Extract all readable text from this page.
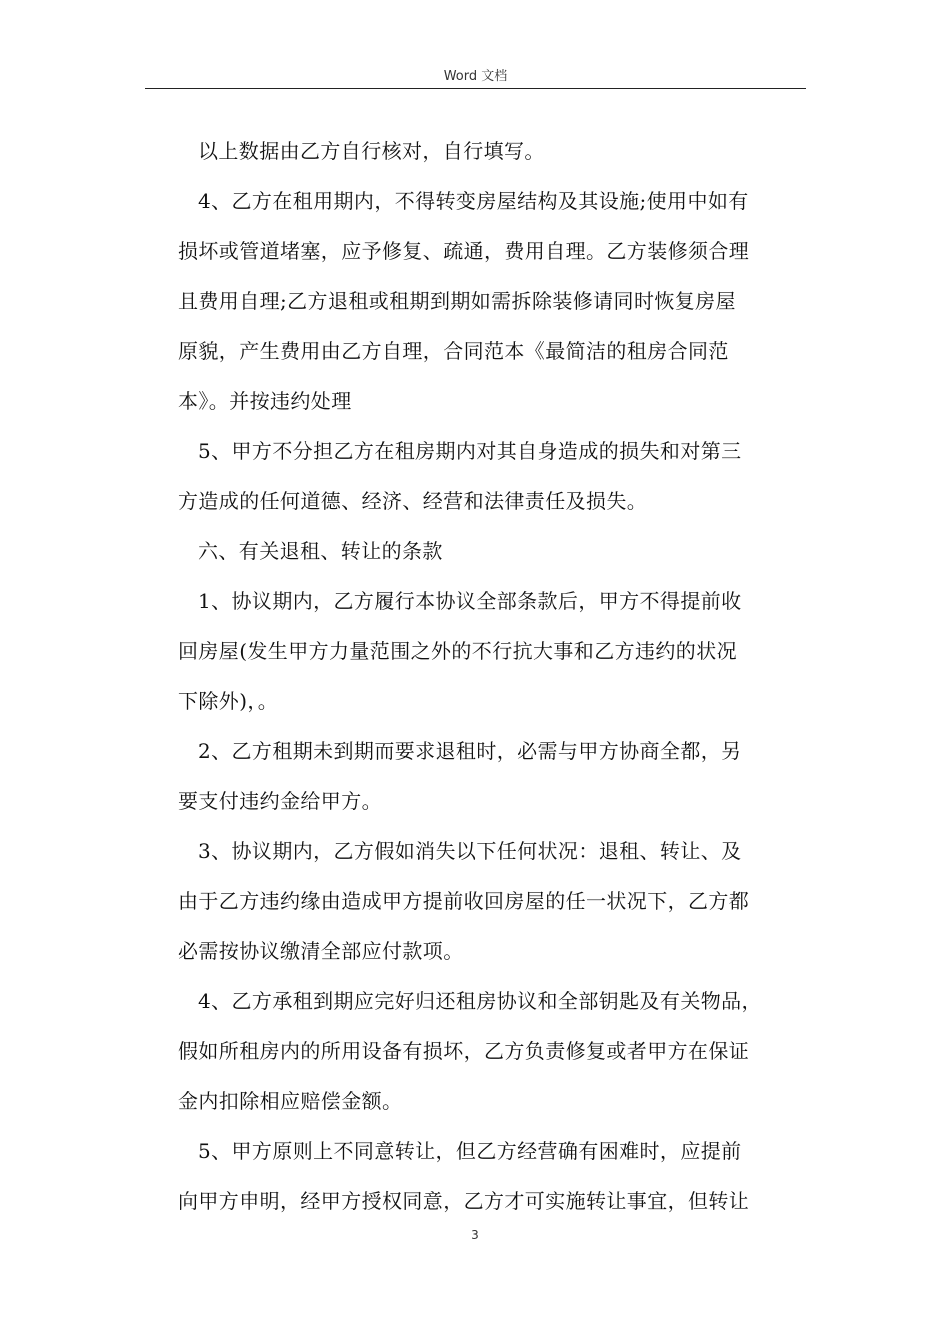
Word 文档
以上数据由乙方自行核对，自行填写。
4、乙方在租用期内，不得转变房屋结构及其设施;使用中如有
损坏或管道堵塞，应予修复、疏通，费用自理。乙方装修须合理
且费用自理;乙方退租或租期到期如需拆除装修请同时恢复房屋
原貌，产生费用由乙方自理，合同范本《最简洁的租房合同范
本》。并按违约处理
5、甲方不分担乙方在租房期内对其自身造成的损失和对第三
方造成的任何道德、经济、经营和法律责任及损失。
六、有关退租、转让的条款
1、协议期内，乙方履行本协议全部条款后，甲方不得提前收
回房屋(发生甲方力量范围之外的不行抗大事和乙方违约的状况
下除外)，。
2、乙方租期未到期而要求退租时，必需与甲方协商全都，另
要支付违约金给甲方。
3、协议期内，乙方假如消失以下任何状况：退租、转让、及
由于乙方违约缘由造成甲方提前收回房屋的任一状况下，乙方都
必需按协议缴清全部应付款项。
4、乙方承租到期应完好归还租房协议和全部钥匙及有关物品，
假如所租房内的所用设备有损坏，乙方负责修复或者甲方在保证
金内扣除相应赔偿金额。
5、甲方原则上不同意转让，但乙方经营确有困难时，应提前
向甲方申明，经甲方授权同意，乙方才可实施转让事宜，但转让
3
